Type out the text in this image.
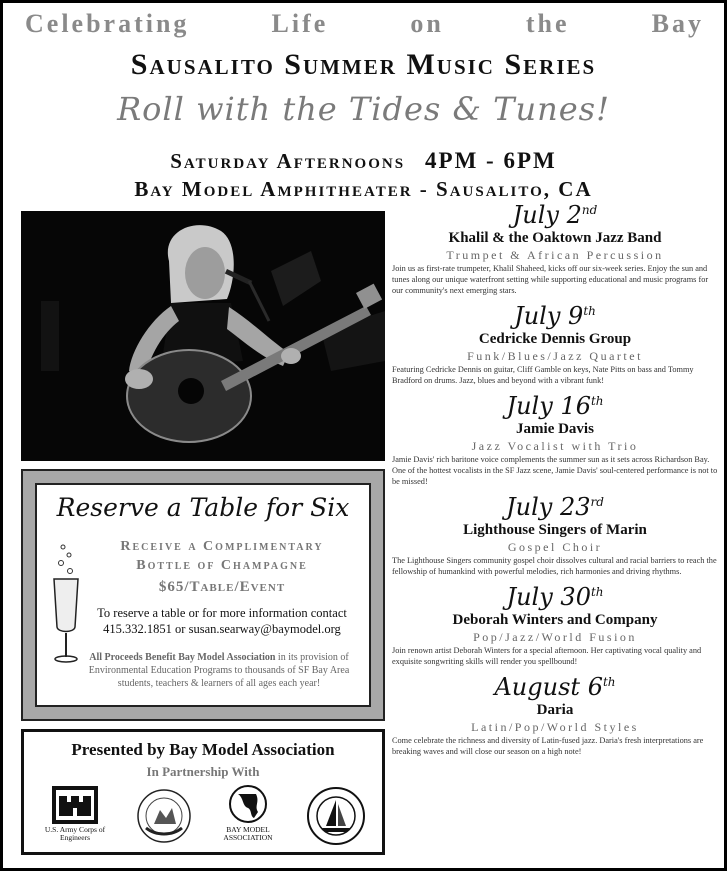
Celebrating Life on the Bay
Sausalito Summer Music Series
Roll with the Tides & Tunes!
Saturday Afternoons 4PM - 6PM
Bay Model Amphitheater - Sausalito, CA
Reserve a Table for Six
Receive a Complimentary
Bottle of Champagne
$65/Table/Event
To reserve a table or for more information contact
415.332.1851 or susan.searway@baymodel.org
All Proceeds Benefit Bay Model Association in its provision of Environmental Education Programs to thousands of SF Bay Area students, teachers & learners of all ages each year!
Presented by Bay Model Association
In Partnership With
U.S. Army Corps of Engineers
BAY MODEL ASSOCIATION
July 2nd
Khalil & the Oaktown Jazz Band
Trumpet & African Percussion
Join us as first-rate trumpeter, Khalil Shaheed, kicks off our six-week series. Enjoy the sun and tunes along our unique waterfront setting while supporting educational and music programs for our community's next emerging stars.
July 9th
Cedricke Dennis Group
Funk/Blues/Jazz Quartet
Featuring Cedricke Dennis on guitar, Cliff Gamble on keys, Nate Pitts on bass and Tommy Bradford on drums. Jazz, blues and beyond with a vibrant funk!
July 16th
Jamie Davis
Jazz Vocalist with Trio
Jamie Davis' rich baritone voice complements the summer sun as it sets across Richardson Bay. One of the hottest vocalists in the SF Jazz scene, Jamie Davis' soul-centered performance is not to be missed!
July 23rd
Lighthouse Singers of Marin
Gospel Choir
The Lighthouse Singers community gospel choir dissolves cultural and racial barriers to reach the fellowship of humankind with powerful melodies, rich harmonies and driving rhythms.
July 30th
Deborah Winters and Company
Pop/Jazz/World Fusion
Join renown artist Deborah Winters for a special afternoon. Her captivating vocal quality and exquisite songwriting skills will render you spellbound!
August 6th
Daria
Latin/Pop/World Styles
Come celebrate the richness and diversity of Latin-fused jazz. Daria's fresh interpretations are breaking waves and will close our season on a high note!
